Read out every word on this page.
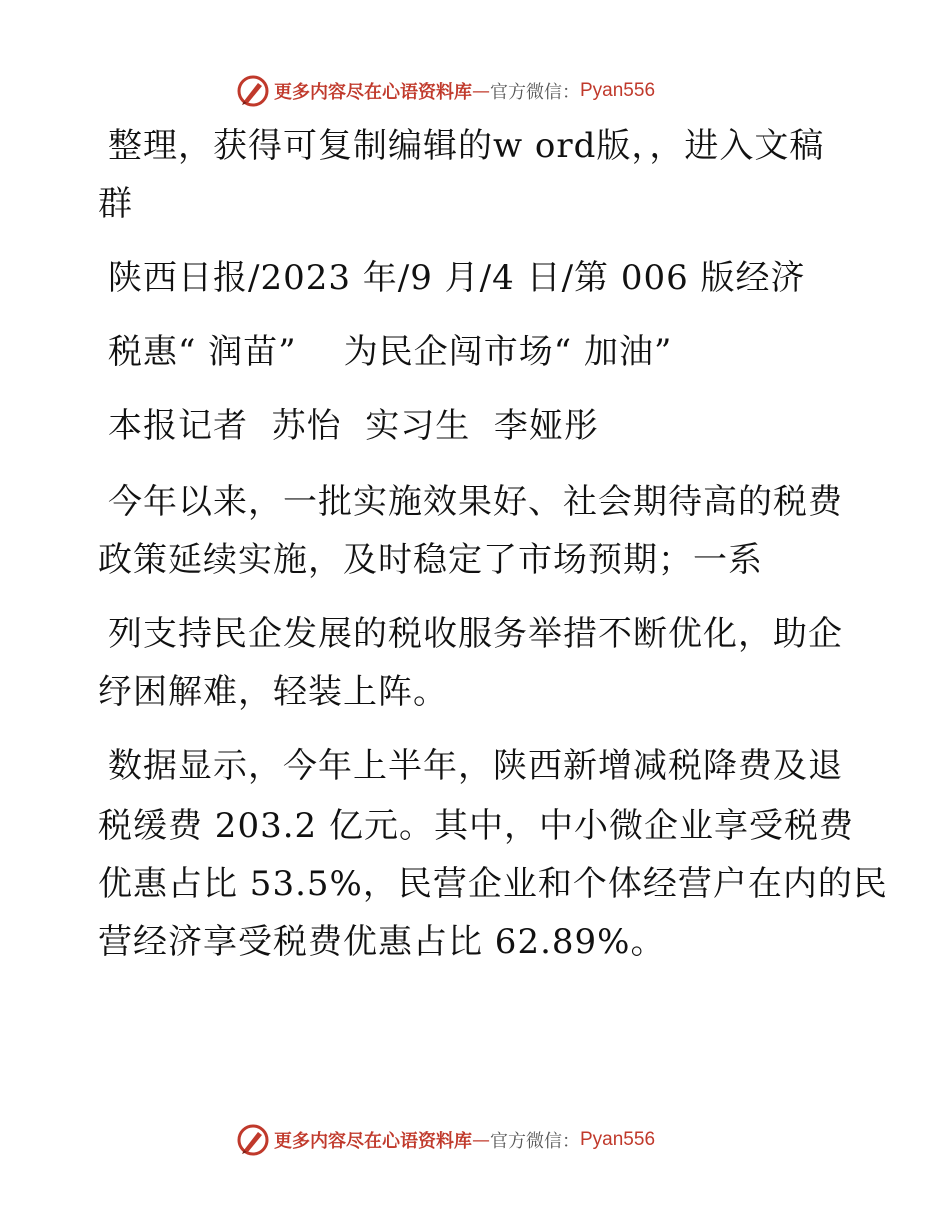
更多内容尽在心语资料库 — 官方微信： Pyan556
整理，获得可复制编辑的w ord版，，进入文稿
群
陕西日报/2023 年/9 月/4 日/第 006 版经济
税惠“ 润苗”    为民企闯市场“ 加油”
本报记者  苏怡  实习生  李娅彤
今年以来，一批实施效果好、社会期待高的税费
政策延续实施，及时稳定了市场预期；一系
列支持民企发展的税收服务举措不断优化，助企
纾困解难，轻装上阵。
数据显示，今年上半年，陕西新增减税降费及退
税缓费 203.2 亿元。其中，中小微企业享受税费
优惠占比 53.5%，民营企业和个体经营户在内的民
营经济享受税费优惠占比 62.89%。
更多内容尽在心语资料库 — 官方微信： Pyan556
